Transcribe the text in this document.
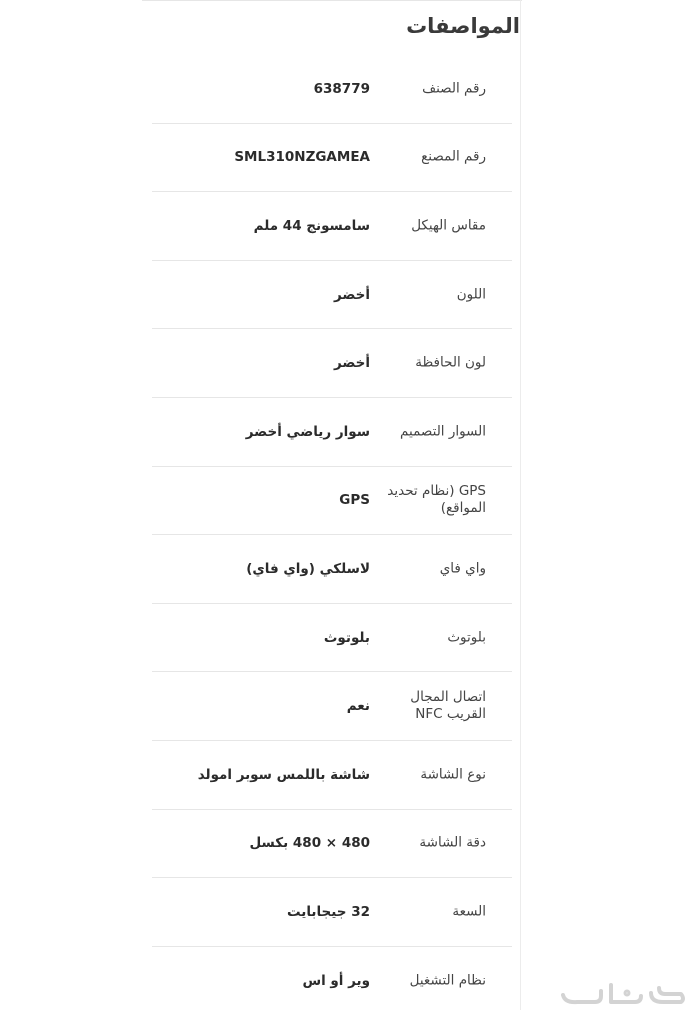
المواصفات
رقم الصنف
638779
رقم المصنع
SML310NZGAMEA
مقاس الهيكل
سامسونج 44 ملم
اللون
أخضر
لون الحافظة
أخضر
السوار التصميم
سوار رياضي أخضر
GPS (نظام تحديد المواقع)
GPS
واي فاي
(لاسلكي (واي فاي
بلوتوث
بلوتوث
اتصال المجال القريب NFC
نعم
نوع الشاشة
شاشة باللمس سوبر امولد
دقة الشاشة
480 × 480 بكسل
السعة
32 جيجابايت
نظام التشغيل
وير أو اس
